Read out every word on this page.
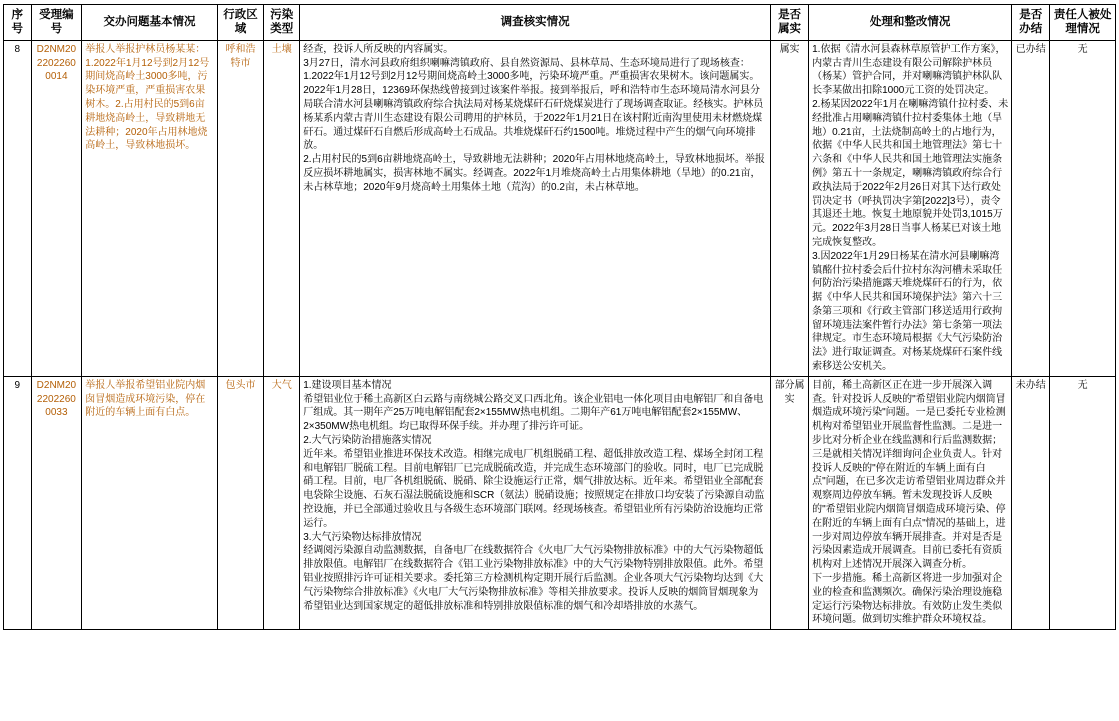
序号	受理编号	交办问题基本情况	行政区域	污染类型	调查核实情况	是否属实	处理和整改情况	是否办结	责任人被处理情况
8	D2NM2022022600014	举报人举报护林员杨某某：1.2022年1月12号到2月12号期间烧高岭土3000多吨，污染环境严重，严重损害农果树木。2.占用村民的5到6亩耕地烧高岭土，导致耕地无法耕种；2020年占用林地烧高岭土，导致林地损坏。	呼和浩特市	土壤	经查，投诉人所反映的内容属实。

3月27日，清水河县政府组织喇嘛湾镇政府、县自然资源局、县林草局、生态环境局进行了现场核查：

1.2022年1月12号到2月12号期间烧高岭土3000多吨，污染环境严重。严重损害农果树木。该问题属实。2022年1月28日，12369环保热线曾接到过该案件举报。接到举报后，呼和浩特市生态环境局清水河县分局联合清水河县喇嘛湾镇政府综合执法局对杨某烧煤矸石矸烧煤炭进行了现场调查取证。经核实。护林员杨某系内蒙古青川生态建设有限公司聘用的护林员，于2022年1月21日在该村附近南沟里使用未材燃烧煤矸石。通过煤矸石自燃后形成高岭土石成品。共堆烧煤矸石约1500吨。堆烧过程中产生的烟气向环境排放。

2.占用村民的5到6亩耕地烧高岭土，导致耕地无法耕种；2020年占用林地烧高岭土，导致林地损坏。举报反应损坏耕地属实，损害林地不属实。经调查。2022年1月堆烧高岭土占用集体耕地（旱地）的0.21亩，未占林草地；2020年9月烧高岭土用集体土地（荒沟）的0.2亩，未占林草地。

	属实	1.依据《清水河县森林草原管护工作方案》，内蒙古青川生态建设有限公司解除护林员（杨某）管护合同，并对喇嘛湾镇护林队队长李某做出扣除1000元工资的处罚决定。

2.杨某因2022年1月在喇嘛湾镇什拉村委、未经批准占用喇嘛湾镇什拉村委集体土地（旱地）0.21亩，土法烧制高岭土的占地行为，依据《中华人民共和国土地管理法》第七十六条和《中华人民共和国土地管理法实施条例》第五十一条规定，喇嘛湾镇政府综合行政执法局于2022年2月26日对其下达行政处罚决定书（呼执罚决字第[2022]3号），责令其退还土地。恢复土地原貌并处罚3,1015万元。2022年3月28日当事人杨某已对该土地完成恢复整改。

3.因2022年1月29日杨某在清水河县喇嘛湾镇酩什拉村委会后什拉村东沟河槽未采取任何防治污染措施露天堆烧煤矸石的行为，依据《中华人民共和国环境保护法》第六十三条第三项和《行政主管部门移送适用行政拘留环境违法案件暂行办法》第七条第一项法律规定。市生态环境局根据《大气污染防治法》进行取证调查。对杨某烧煤矸石案件线索移送公安机关。

	已办结	无
9	D2NM2022022600033	举报人举报希望铝业院内烟囱冒烟造成环境污染，停在附近的车辆上面有白点。	包头市	大气	1.建设项目基本情况

希望铝业位于稀土高新区白云路与南绕城公路交叉口西北角。该企业铝电一体化项目由电解铝厂和自备电厂组成。其一期年产25万吨电解铝配套2×155MW热电机组。二期年产61万吨电解铝配套2×155MW、2×350MW热电机组。均已取得环保手续。并办理了排污许可证。

2.大气污染防治措施落实情况

近年来。希望铝业推进环保技术改造。相继完成电厂机组脱硝工程、超低排放改造工程、煤场全封闭工程和电解铝厂脱硫工程。目前电解铝厂已完成脱硫改造，并完成生态环境部门的验收。同时，电厂已完成脱硝工程。目前，电厂各机组脱硫、脱硝、除尘设施运行正常，烟气排放达标。近年来。希望铝业全部配套电袋除尘设施、石灰石湿法脱硫设施和SCR（氨法）脱硝设施；按照规定在排放口均安装了污染源自动监控设施，并已全部通过验收且与各级生态环境部门联网。经现场核查。希望铝业所有污染防治设施均正常运行。

3.大气污染物达标排放情况

经调阅污染源自动监测数据，自备电厂在线数据符合《火电厂大气污染物排放标准》中的大气污染物超低排放限值。电解铝厂在线数据符合《铝工业污染物排放标准》中的大气污染物特别排放限值。此外。希望铝业按照排污许可证相关要求。委托第三方检测机构定期开展行后监测。企业各项大气污染物均达到《大气污染物综合排放标准》《火电厂大气污染物排放标准》等相关排放要求。投诉人反映的烟筒冒烟现象为希望铝业达到国家规定的超低排放标准和特别排放限值标准的烟气和冷却塔排放的水蒸气。

	部分属实	

目前，稀土高新区正在进一步开展深入调查。针对投诉人反映的"希望铝业院内烟筒冒烟造成环境污染"问题。一是已委托专业检测机构对希望铝业开展监督性监测。二是进一步比对分析企业在线监测和行后监测数据；三是就相关情况详细询问企业负责人。针对投诉人反映的"停在附近的车辆上面有白点"问题，在已多次走访希望铝业周边群众并观察周边停放车辆。暂未发现投诉人反映的"希望铝业院内烟筒冒烟造成环境污染、停在附近的车辆上面有白点"情况的基础上，进一步对周边停放车辆开展排查。并对是否是污染因素造成开展调查。目前已委托有资质机构对上述情况开展深入调查分析。

下一步措施。稀土高新区将进一步加强对企业的检查和监测频次。确保污染治理设施稳定运行污染物达标排放。有效防止发生类似环境问题。做到切实维护群众环境权益。

	未办结	无
